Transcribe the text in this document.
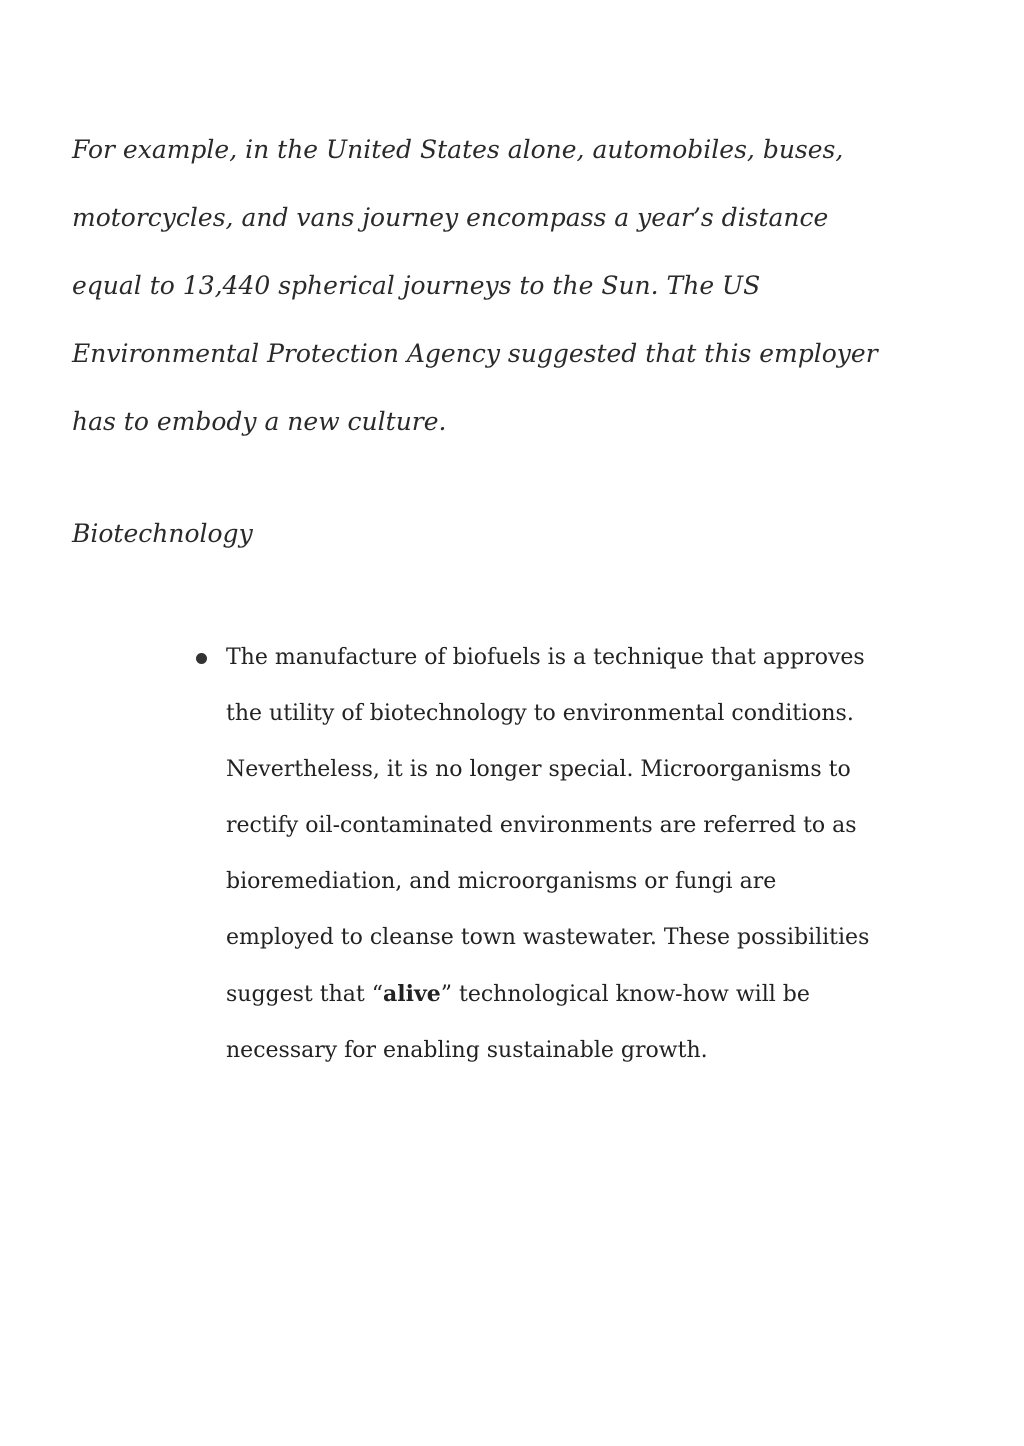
For example, in the United States alone, automobiles, buses, motorcycles, and vans journey encompass a year’s distance equal to 13,440 spherical journeys to the Sun. The US Environmental Protection Agency suggested that this employer has to embody a new culture.

Biotechnology
The manufacture of biofuels is a technique that approves the utility of biotechnology to environmental conditions. Nevertheless, it is no longer special. Microorganisms to rectify oil-contaminated environments are referred to as bioremediation, and microorganisms or fungi are employed to cleanse town wastewater. These possibilities suggest that “alive” technological know-how will be necessary for enabling sustainable growth.
